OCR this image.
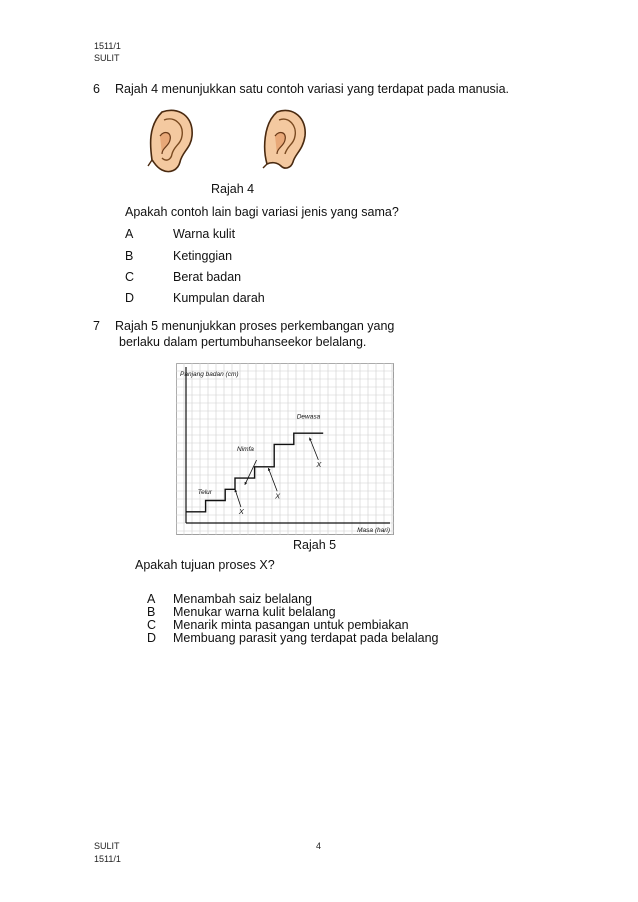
1511/1
SULIT
6 Rajah 4 menunjukkan satu contoh variasi yang terdapat pada manusia.
Rajah 4
Apakah contoh lain bagi variasi jenis yang sama?
A	Warna kulit
B	Ketinggian
C	Berat badan
D	Kumpulan darah
7 Rajah 5 menunjukkan proses perkembangan yang
berlaku dalam pertumbuhanseekor belalang.
Panjang badan (cm)
Masa (hari)
Telur
Nimfa
Dewasa
X
X
X
Rajah 5
Apakah tujuan proses X?
A Menambah saiz belalang
B Menukar warna kulit belalang
C Menarik minta pasangan untuk pembiakan
D Membuang parasit yang terdapat pada belalang
SULIT	4
1511/1
